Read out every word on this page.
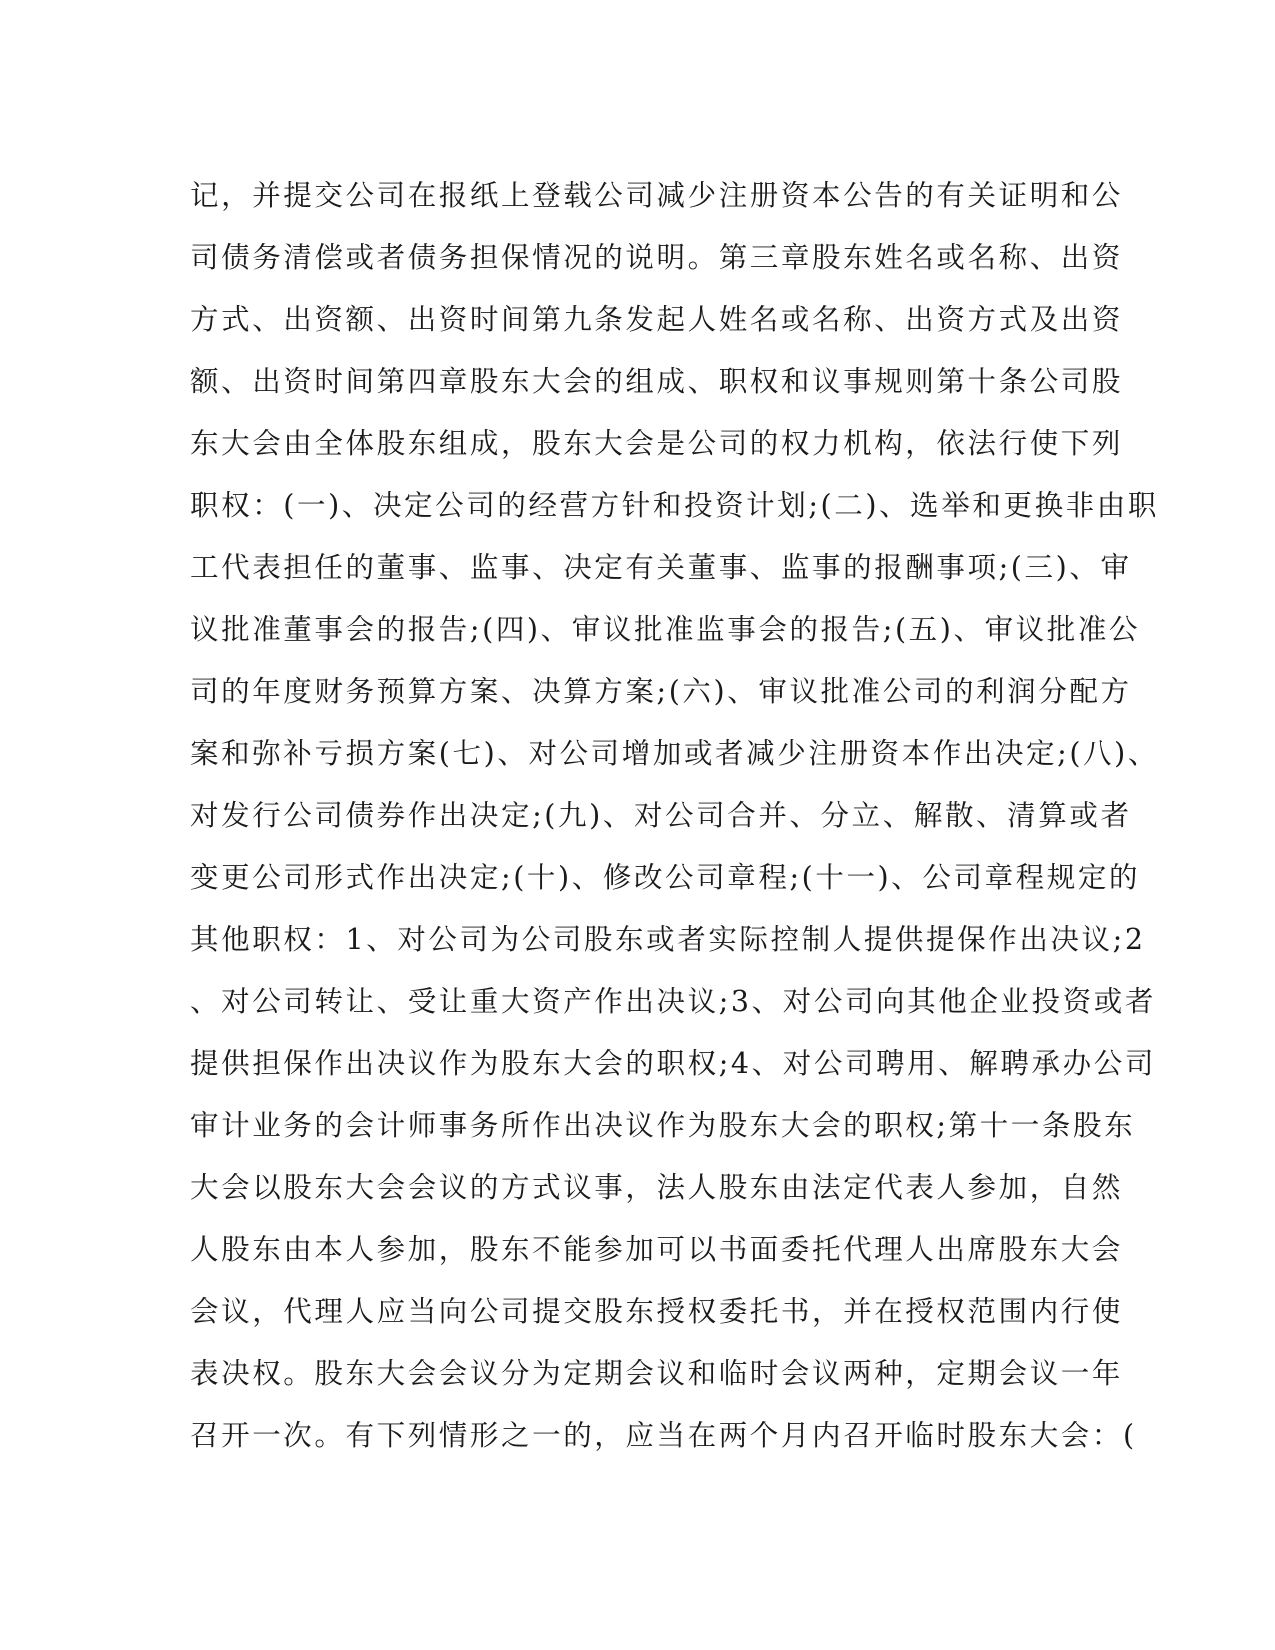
记，并提交公司在报纸上登载公司减少注册资本公告的有关证明和公
司债务清偿或者债务担保情况的说明。第三章股东姓名或名称、出资
方式、出资额、出资时间第九条发起人姓名或名称、出资方式及出资
额、出资时间第四章股东大会的组成、职权和议事规则第十条公司股
东大会由全体股东组成，股东大会是公司的权力机构，依法行使下列
职权：(一)、决定公司的经营方针和投资计划;(二)、选举和更换非由职
工代表担任的董事、监事、决定有关董事、监事的报酬事项;(三)、审
议批准董事会的报告;(四)、审议批准监事会的报告;(五)、审议批准公
司的年度财务预算方案、决算方案;(六)、审议批准公司的利润分配方
案和弥补亏损方案(七)、对公司增加或者减少注册资本作出决定;(八)、
对发行公司债券作出决定;(九)、对公司合并、分立、解散、清算或者
变更公司形式作出决定;(十)、修改公司章程;(十一)、公司章程规定的
其他职权：1、对公司为公司股东或者实际控制人提供提保作出决议;2
、对公司转让、受让重大资产作出决议;3、对公司向其他企业投资或者
提供担保作出决议作为股东大会的职权;4、对公司聘用、解聘承办公司
审计业务的会计师事务所作出决议作为股东大会的职权;第十一条股东
大会以股东大会会议的方式议事，法人股东由法定代表人参加，自然
人股东由本人参加，股东不能参加可以书面委托代理人出席股东大会
会议，代理人应当向公司提交股东授权委托书，并在授权范围内行使
表决权。股东大会会议分为定期会议和临时会议两种，定期会议一年
召开一次。有下列情形之一的，应当在两个月内召开临时股东大会：(
